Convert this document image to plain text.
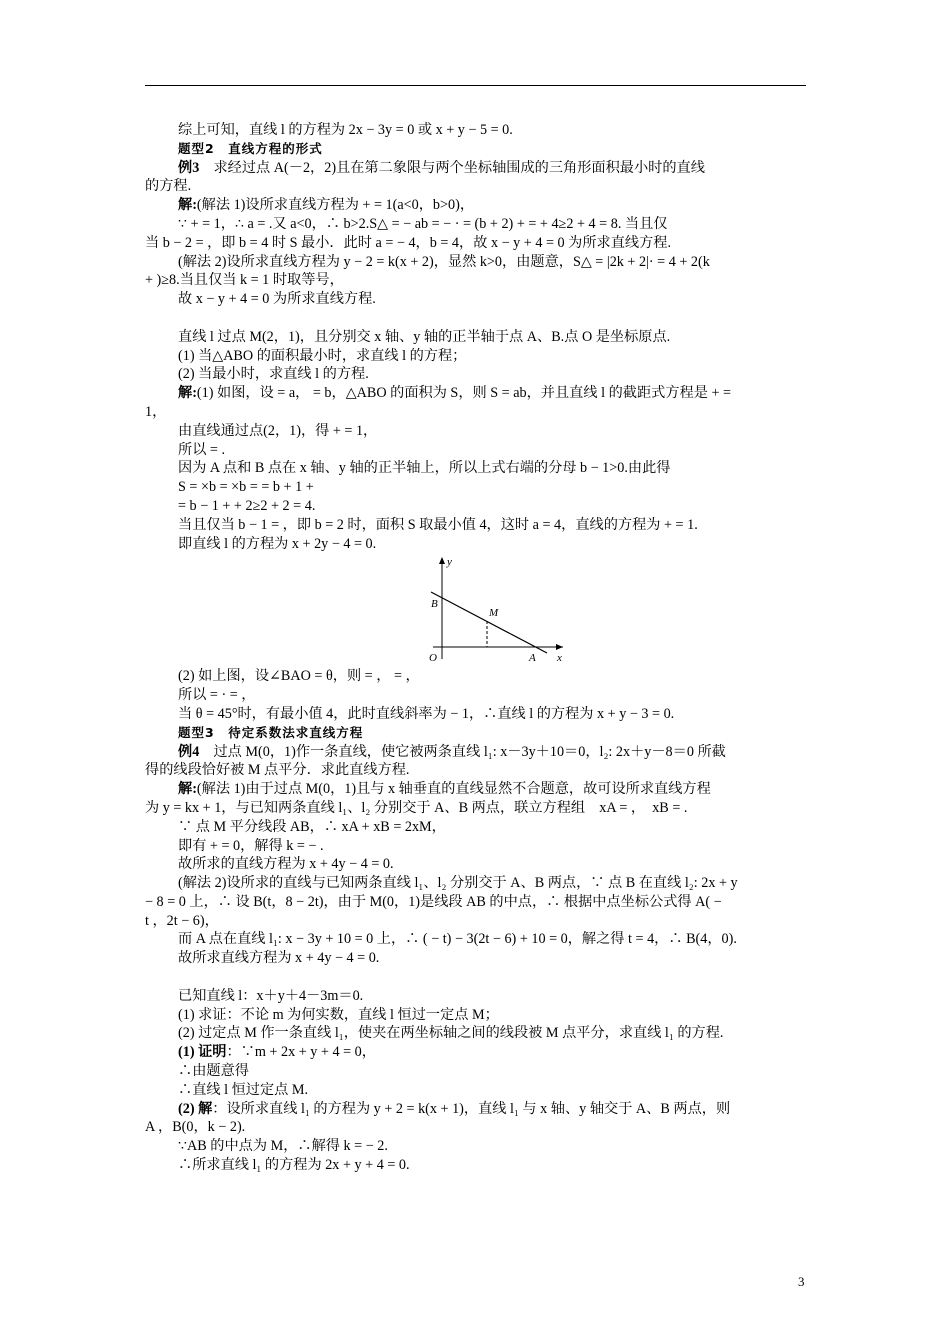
综上可知，直线 l 的方程为 2x − 3y = 0 或 x + y − 5 = 0.
题型2　直线方程的形式
例3　求经过点 A(－2，2)且在第二象限与两个坐标轴围成的三角形面积最小时的直线
的方程.
解:(解法 1)设所求直线方程为 + = 1(a<0，b>0)，
∵ + = 1，∴ a = .又 a<0，∴ b>2.S△ = − ab = − · = (b + 2) + = + 4≥2 + 4 = 8. 当且仅
当 b − 2 = ，即 b = 4 时 S 最小．此时 a = − 4，b = 4，故 x − y + 4 = 0 为所求直线方程.
(解法 2)设所求直线方程为 y − 2 = k(x + 2)，显然 k>0，由题意，S△ = |2k + 2|· = 4 + 2(k
+ )≥8.当且仅当 k = 1 时取等号，
故 x − y + 4 = 0 为所求直线方程.
直线 l 过点 M(2，1)，且分别交 x 轴、y 轴的正半轴于点 A、B.点 O 是坐标原点.
(1) 当△ABO 的面积最小时，求直线 l 的方程；
(2) 当最小时，求直线 l 的方程.
解:(1) 如图，设 = a， = b，△ABO 的面积为 S，则 S = ab，并且直线 l 的截距式方程是 + =
1，
由直线通过点(2，1)，得 + = 1，
所以 = .
因为 A 点和 B 点在 x 轴、y 轴的正半轴上，所以上式右端的分母 b − 1>0.由此得
S = ×b = ×b = = b + 1 +
= b − 1 + + 2≥2 + 2 = 4.
当且仅当 b − 1 = ，即 b = 2 时，面积 S 取最小值 4，这时 a = 4，直线的方程为 + = 1.
即直线 l 的方程为 x + 2y − 4 = 0.
y
x
B
M
O	A
(2) 如上图，设∠BAO = θ，则 = ， = ，
所以 = · = ，
当 θ = 45°时，有最小值 4，此时直线斜率为 − 1，∴直线 l 的方程为 x + y − 3 = 0.
题型3　待定系数法求直线方程
例4　过点 M(0，1)作一条直线，使它被两条直线 l₁: x－3y＋10＝0，l₂: 2x＋y－8＝0 所截
得的线段恰好被 M 点平分．求此直线方程.
解:(解法 1)由于过点 M(0，1)且与 x 轴垂直的直线显然不合题意，故可设所求直线方程
为 y = kx + 1，与已知两条直线 l₁、l₂ 分别交于 A、B 两点，联立方程组　xA = ，　xB = .
∵ 点 M 平分线段 AB，∴ xA + xB = 2xM，
即有 + = 0，解得 k = − .
故所求的直线方程为 x + 4y − 4 = 0.
(解法 2)设所求的直线与已知两条直线 l₁、l₂ 分别交于 A、B 两点，∵ 点 B 在直线 l₂: 2x + y
− 8 = 0 上，∴ 设 B(t，8 − 2t)，由于 M(0，1)是线段 AB 的中点，∴ 根据中点坐标公式得 A( −
t ，2t − 6)，
而 A 点在直线 l₁: x − 3y + 10 = 0 上，∴ ( − t) − 3(2t − 6) + 10 = 0，解之得 t = 4，∴ B(4，0).
故所求直线方程为 x + 4y − 4 = 0.
已知直线 l：x＋y＋4－3m＝0.
(1) 求证：不论 m 为何实数，直线 l 恒过一定点 M；
(2) 过定点 M 作一条直线 l₁，使夹在两坐标轴之间的线段被 M 点平分，求直线 l₁ 的方程.
(1) 证明：∵m + 2x + y + 4 = 0，
∴由题意得
∴直线 l 恒过定点 M.
(2) 解：设所求直线 l₁ 的方程为 y + 2 = k(x + 1)，直线 l₁ 与 x 轴、y 轴交于 A、B 两点，则
A ，B(0，k − 2).
∵AB 的中点为 M，∴解得 k = − 2.
∴所求直线 l₁ 的方程为 2x + y + 4 = 0.
3
